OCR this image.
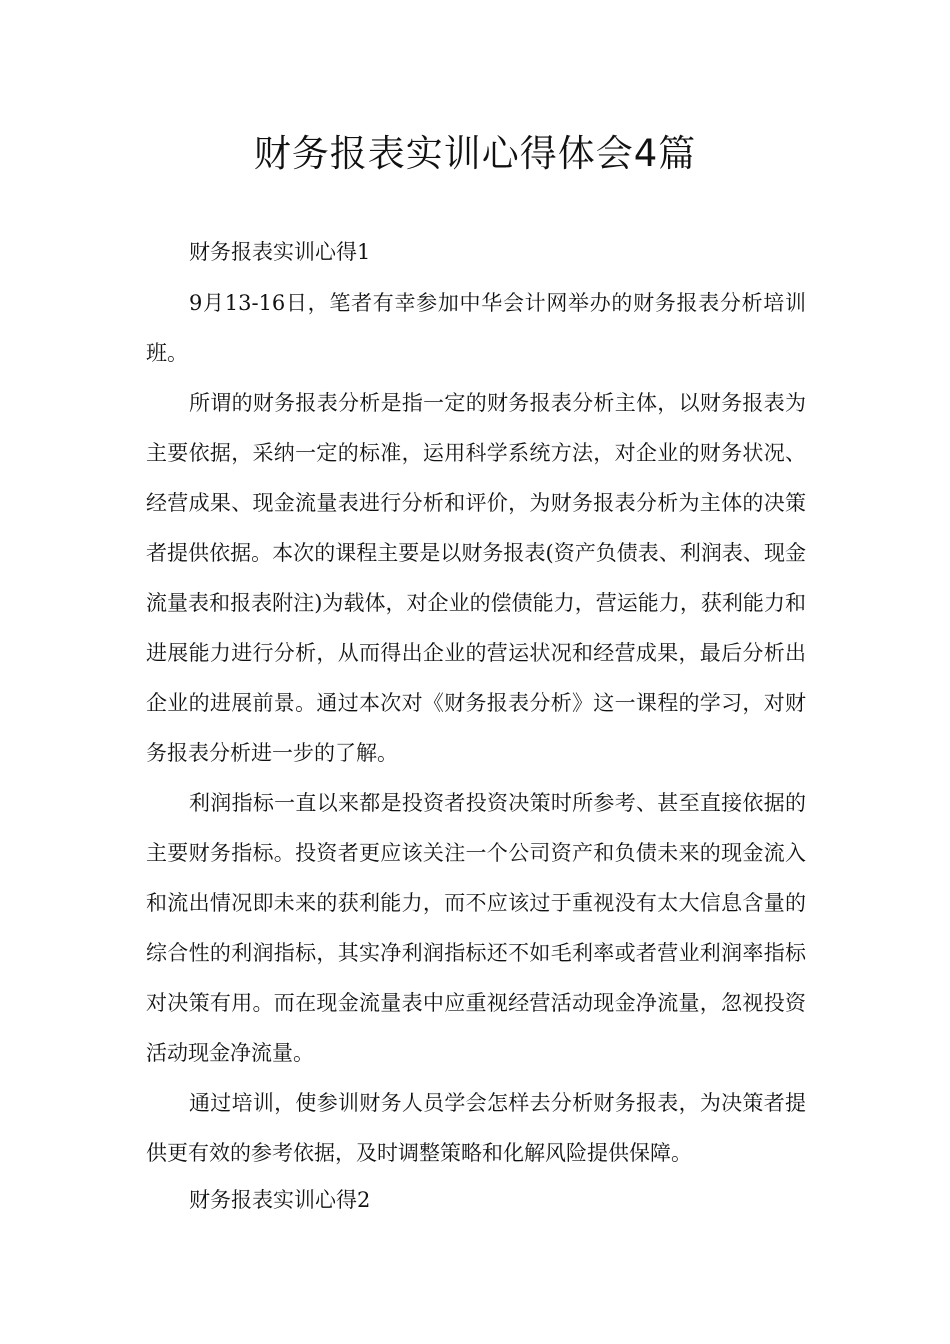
财务报表实训心得体会4篇
财务报表实训心得1

9月13-16日，笔者有幸参加中华会计网举办的财务报表分析培训班。

所谓的财务报表分析是指一定的财务报表分析主体，以财务报表为主要依据，采纳一定的标准，运用科学系统方法，对企业的财务状况、经营成果、现金流量表进行分析和评价，为财务报表分析为主体的决策者提供依据。本次的课程主要是以财务报表(资产负债表、利润表、现金流量表和报表附注)为载体，对企业的偿债能力，营运能力，获利能力和进展能力进行分析，从而得出企业的营运状况和经营成果，最后分析出企业的进展前景。通过本次对《财务报表分析》这一课程的学习，对财务报表分析进一步的了解。

利润指标一直以来都是投资者投资决策时所参考、甚至直接依据的主要财务指标。投资者更应该关注一个公司资产和负债未来的现金流入和流出情况即未来的获利能力，而不应该过于重视没有太大信息含量的综合性的利润指标，其实净利润指标还不如毛利率或者营业利润率指标对决策有用。而在现金流量表中应重视经营活动现金净流量，忽视投资活动现金净流量。

通过培训，使参训财务人员学会怎样去分析财务报表，为决策者提供更有效的参考依据，及时调整策略和化解风险提供保障。

财务报表实训心得2
